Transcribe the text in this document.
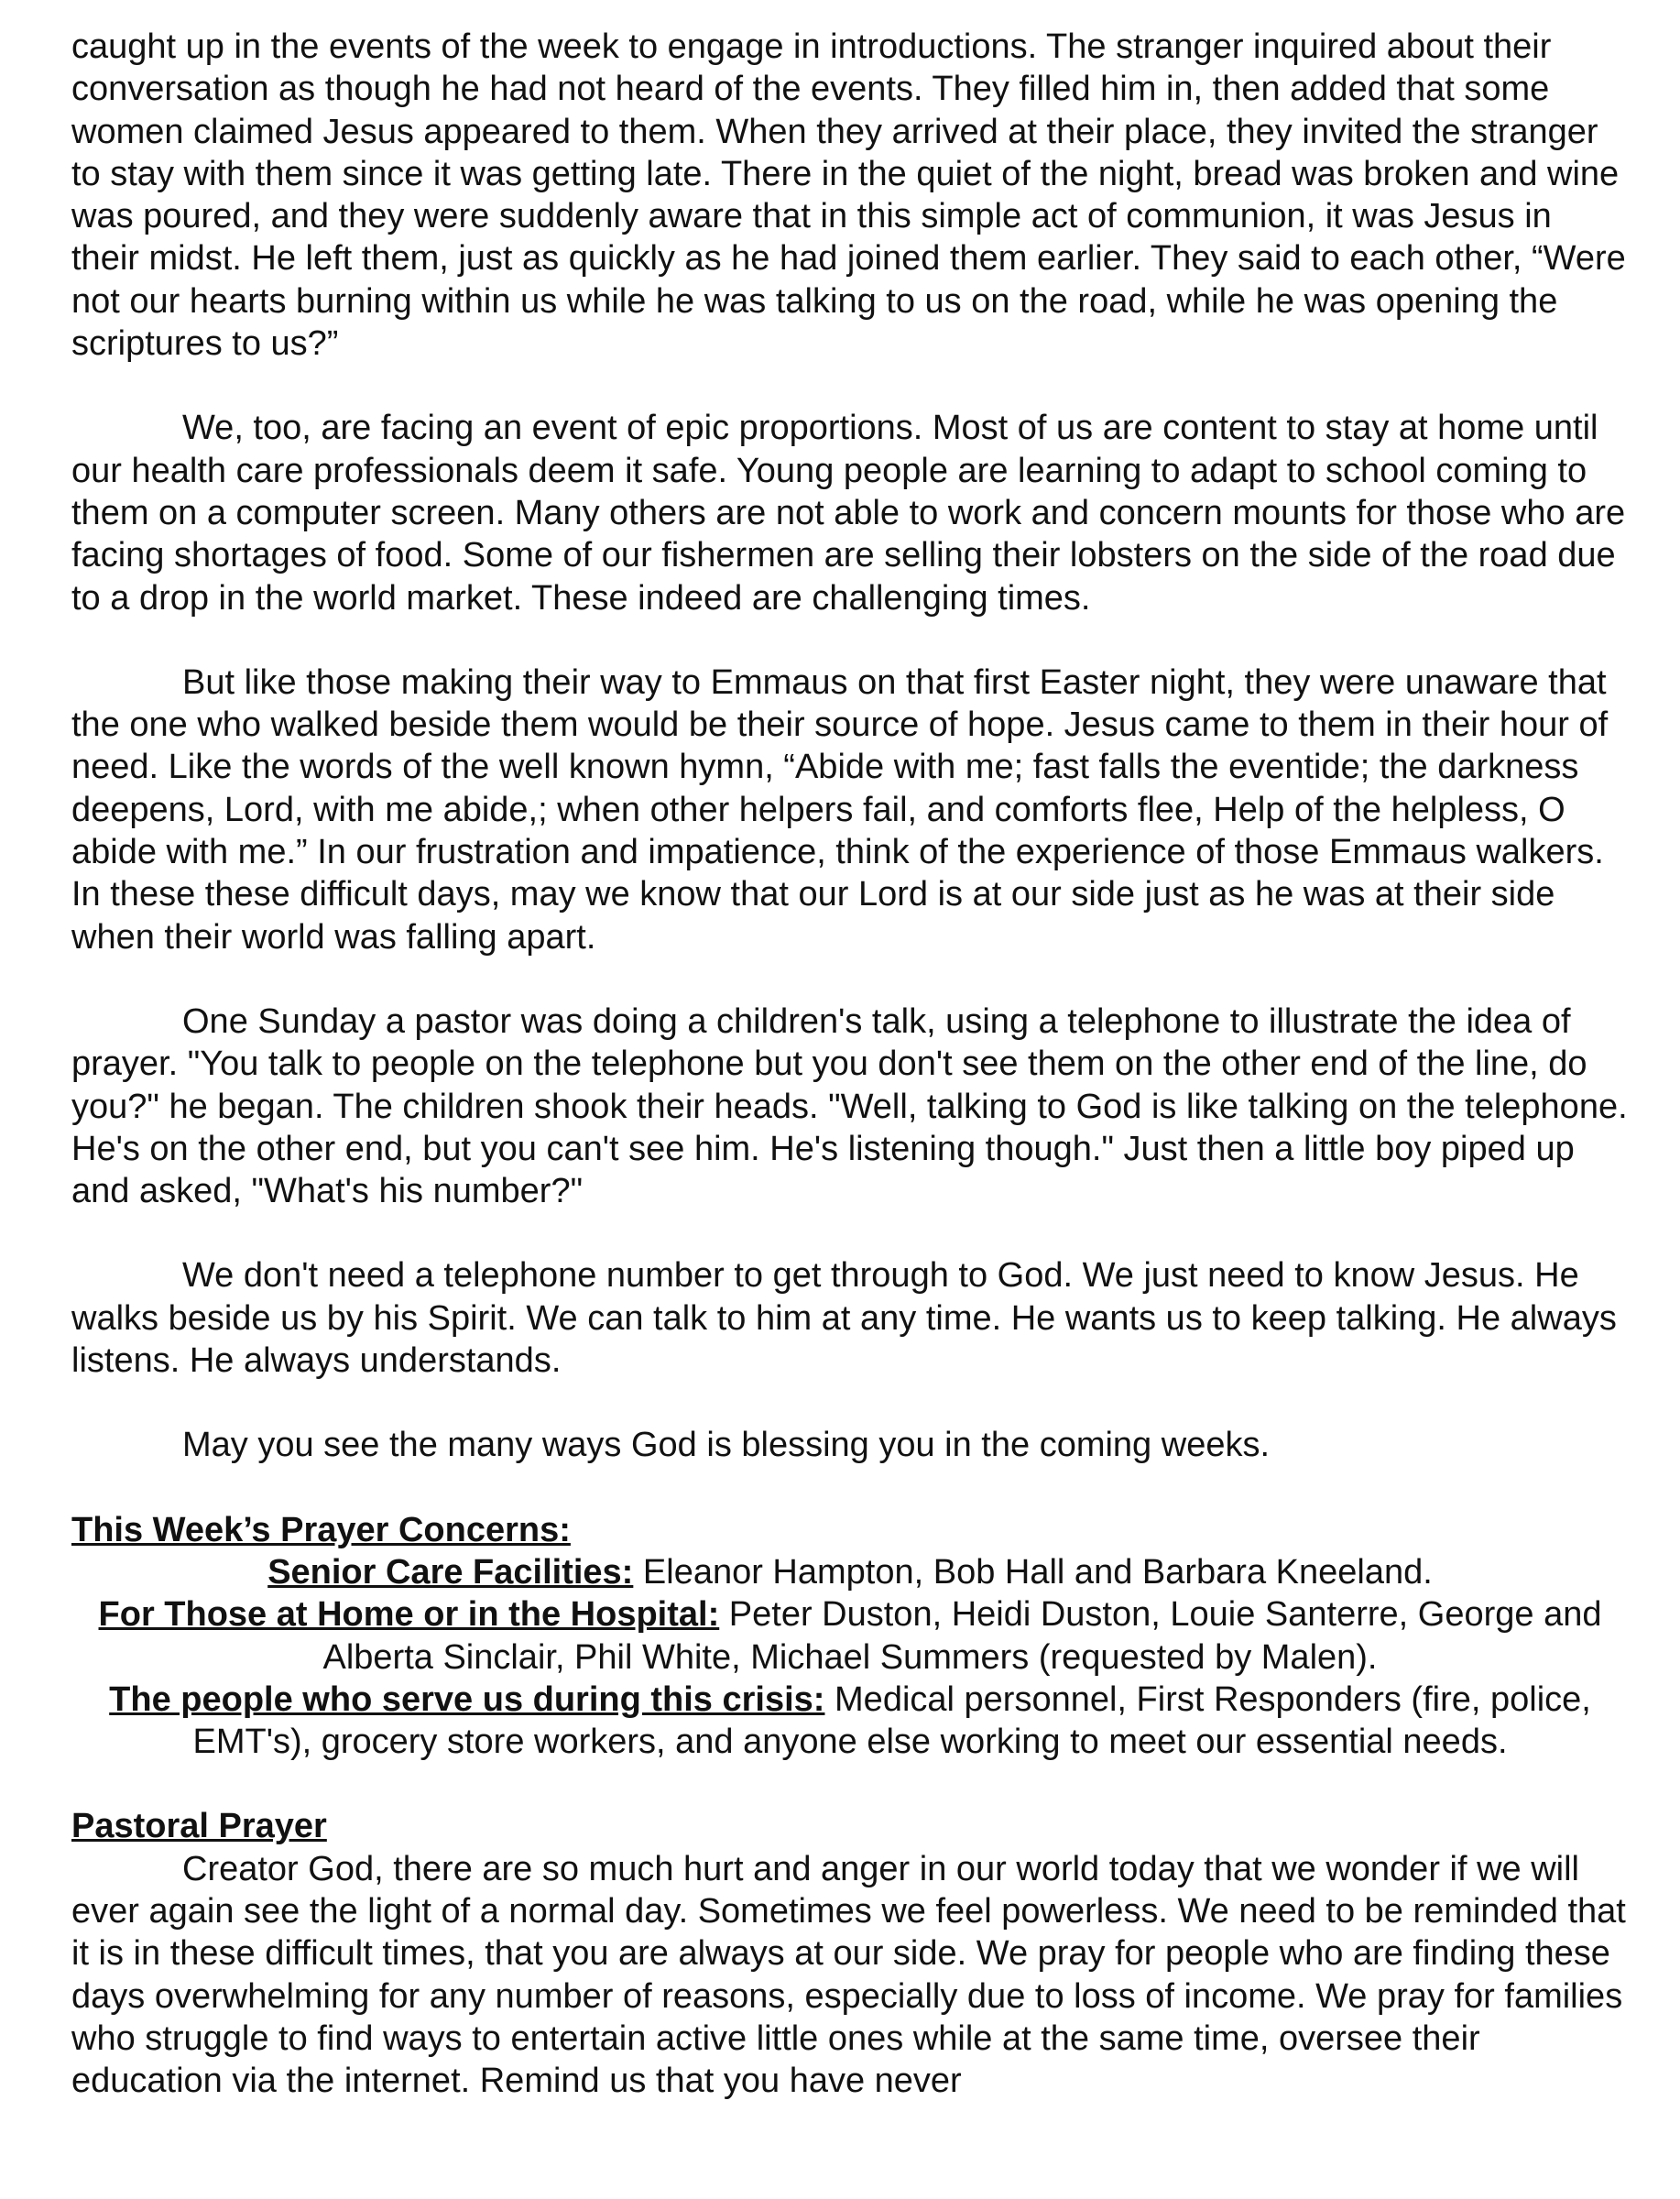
caught up in the events of the week to engage in introductions. The stranger inquired about their conversation as though he had not heard of the events. They filled him in, then added that some women claimed Jesus appeared to them. When they arrived at their place, they invited the stranger to stay with them since it was getting late. There in the quiet of the night, bread was broken and wine was poured, and they were suddenly aware that in this simple act of communion, it was Jesus in their midst. He left them, just as quickly as he had joined them earlier. They said to each other, “Were not our hearts burning within us while he was talking to us on the road, while he was opening the scriptures to us?”

We, too, are facing an event of epic proportions. Most of us are content to stay at home until our health care professionals deem it safe. Young people are learning to adapt to school coming to them on a computer screen. Many others are not able to work and concern mounts for those who are facing shortages of food. Some of our fishermen are selling their lobsters on the side of the road due to a drop in the world market. These indeed are challenging times.

But like those making their way to Emmaus on that first Easter night, they were unaware that the one who walked beside them would be their source of hope. Jesus came to them in their hour of need. Like the words of the well known hymn, “Abide with me; fast falls the eventide; the darkness deepens, Lord, with me abide,; when other helpers fail, and comforts flee, Help of the helpless, O abide with me.” In our frustration and impatience, think of the experience of those Emmaus walkers. In these these difficult days, may we know that our Lord is at our side just as he was at their side when their world was falling apart.

One Sunday a pastor was doing a children's talk, using a telephone to illustrate the idea of prayer. "You talk to people on the telephone but you don't see them on the other end of the line, do you?" he began. The children shook their heads. "Well, talking to God is like talking on the telephone. He's on the other end, but you can't see him. He's listening though." Just then a little boy piped up and asked, "What's his number?"

We don't need a telephone number to get through to God. We just need to know Jesus. He walks beside us by his Spirit. We can talk to him at any time. He wants us to keep talking. He always listens. He always understands.

May you see the many ways God is blessing you in the coming weeks.

This Week’s Prayer Concerns:

Senior Care Facilities: Eleanor Hampton, Bob Hall and Barbara Kneeland.

For Those at Home or in the Hospital: Peter Duston, Heidi Duston, Louie Santerre, George and Alberta Sinclair, Phil White, Michael Summers (requested by Malen).

The people who serve us during this crisis: Medical personnel, First Responders (fire, police, EMT's), grocery store workers, and anyone else working to meet our essential needs.

Pastoral Prayer

Creator God, there are so much hurt and anger in our world today that we wonder if we will ever again see the light of a normal day. Sometimes we feel powerless. We need to be reminded that it is in these difficult times, that you are always at our side. We pray for people who are finding these days overwhelming for any number of reasons, especially due to loss of income. We pray for families who struggle to find ways to entertain active little ones while at the same time, oversee their education via the internet. Remind us that you have never
